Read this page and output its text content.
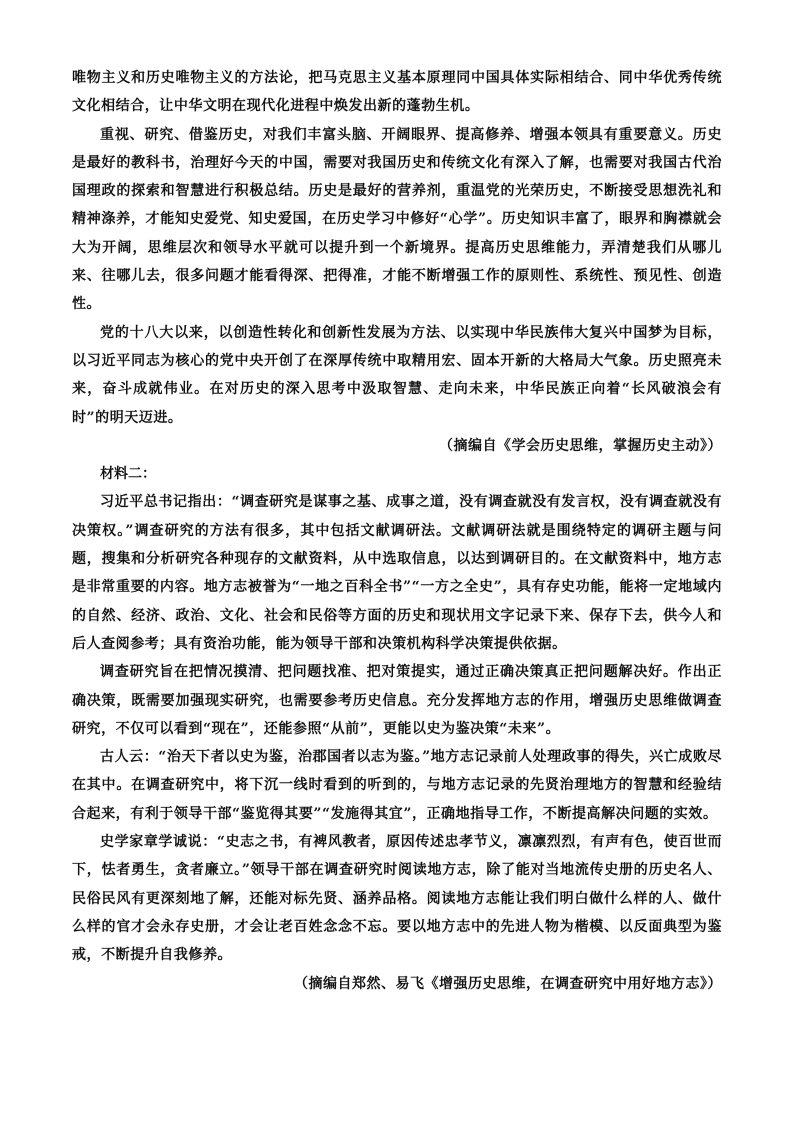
唯物主义和历史唯物主义的方法论，把马克思主义基本原理同中国具体实际相结合、同中华优秀传统文化相结合，让中华文明在现代化进程中焕发出新的蓬勃生机。

重视、研究、借鉴历史，对我们丰富头脑、开阔眼界、提高修养、增强本领具有重要意义。历史是最好的教科书，治理好今天的中国，需要对我国历史和传统文化有深入了解，也需要对我国古代治国理政的探索和智慧进行积极总结。历史是最好的营养剂，重温党的光荣历史，不断接受思想洗礼和精神涤养，才能知史爱党、知史爱国，在历史学习中修好“心学”。历史知识丰富了，眼界和胸襟就会大为开阔，思维层次和领导水平就可以提升到一个新境界。提高历史思维能力，弄清楚我们从哪儿来、往哪儿去，很多问题才能看得深、把得准，才能不断增强工作的原则性、系统性、预见性、创造性。

党的十八大以来，以创造性转化和创新性发展为方法、以实现中华民族伟大复兴中国梦为目标，以习近平同志为核心的党中央开创了在深厚传统中取精用宏、固本开新的大格局大气象。历史照亮未来，奋斗成就伟业。在对历史的深入思考中汲取智慧、走向未来，中华民族正向着“长风破浪会有时”的明天迈进。

（摘编自《学会历史思维，掌握历史主动》）

材料二：

习近平总书记指出：“调查研究是谋事之基、成事之道，没有调查就没有发言权，没有调查就没有决策权。”调查研究的方法有很多，其中包括文献调研法。文献调研法就是围绕特定的调研主题与问题，搜集和分析研究各种现存的文献资料，从中选取信息，以达到调研目的。在文献资料中，地方志是非常重要的内容。地方志被誉为“一地之百科全书”“一方之全史”，具有存史功能，能将一定地域内的自然、经济、政治、文化、社会和民俗等方面的历史和现状用文字记录下来、保存下去，供今人和后人查阅参考；具有资治功能，能为领导干部和决策机构科学决策提供依据。

调查研究旨在把情况摸清、把问题找准、把对策提实，通过正确决策真正把问题解决好。作出正确决策，既需要加强现实研究，也需要参考历史信息。充分发挥地方志的作用，增强历史思维做调查研究，不仅可以看到“现在”，还能参照“从前”，更能以史为鉴决策“未来”。

古人云：“治天下者以史为鉴，治郡国者以志为鉴。”地方志记录前人处理政事的得失，兴亡成败尽在其中。在调查研究中，将下沉一线时看到的听到的，与地方志记录的先贤治理地方的智慧和经验结合起来，有利于领导干部“鉴览得其要”“发施得其宜”，正确地指导工作，不断提高解决问题的实效。

史学家章学诚说：“史志之书，有裨风教者，原因传述忠孝节义，凛凛烈烈，有声有色，使百世而下，怯者勇生，贪者廉立。”领导干部在调查研究时阅读地方志，除了能对当地流传史册的历史名人、民俗民风有更深刻地了解，还能对标先贤、涵养品格。阅读地方志能让我们明白做什么样的人、做什么样的官才会永存史册，才会让老百姓念念不忘。要以地方志中的先进人物为楷模、以反面典型为鉴戒，不断提升自我修养。

（摘编自郑然、易飞《增强历史思维，在调查研究中用好地方志》）
